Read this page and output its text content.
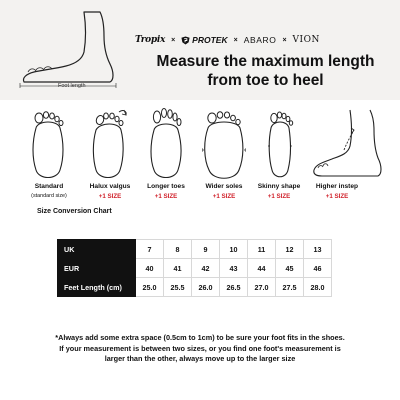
Foot length
Tropix × PROTEK × ABARO × VION
Measure the maximum length
from toe to heel
Standard
(standard size)
Halux valgus
+1 SIZE
Longer toes
+1 SIZE
Wider soles
+1 SIZE
Skinny shape
+1 SIZE
Higher instep
+1 SIZE
Size Conversion Chart
UK	7	8	9	10	11	12	13
EUR	40	41	42	43	44	45	46
Feet Length (cm)	25.0	25.5	26.0	26.5	27.0	27.5	28.0
*Always add some extra space (0.5cm to 1cm) to be sure your foot fits in the shoes.
If your measurement is between two sizes, or you find one foot's measurement is
larger than the other, always move up to the larger size
